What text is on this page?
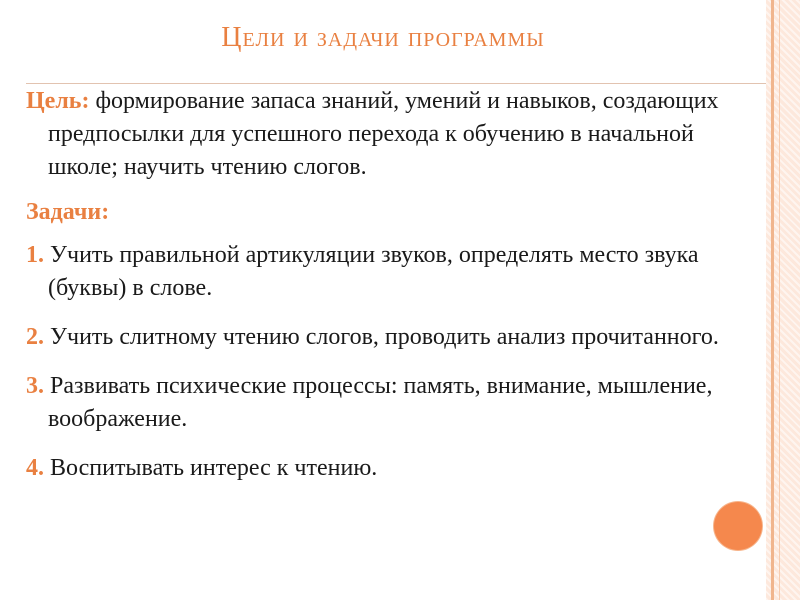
Цели и задачи программы

Цель: формирование запаса знаний, умений и навыков, создающих предпосылки для успешного перехода к обучению в начальной школе; научить чтению слогов.

Задачи:

1. Учить правильной артикуляции звуков, определять место звука (буквы) в слове.

2. Учить слитному чтению слогов, проводить анализ прочитанного.

3. Развивать психические процессы: память, внимание, мышление, воображение.

4. Воспитывать интерес к чтению.
